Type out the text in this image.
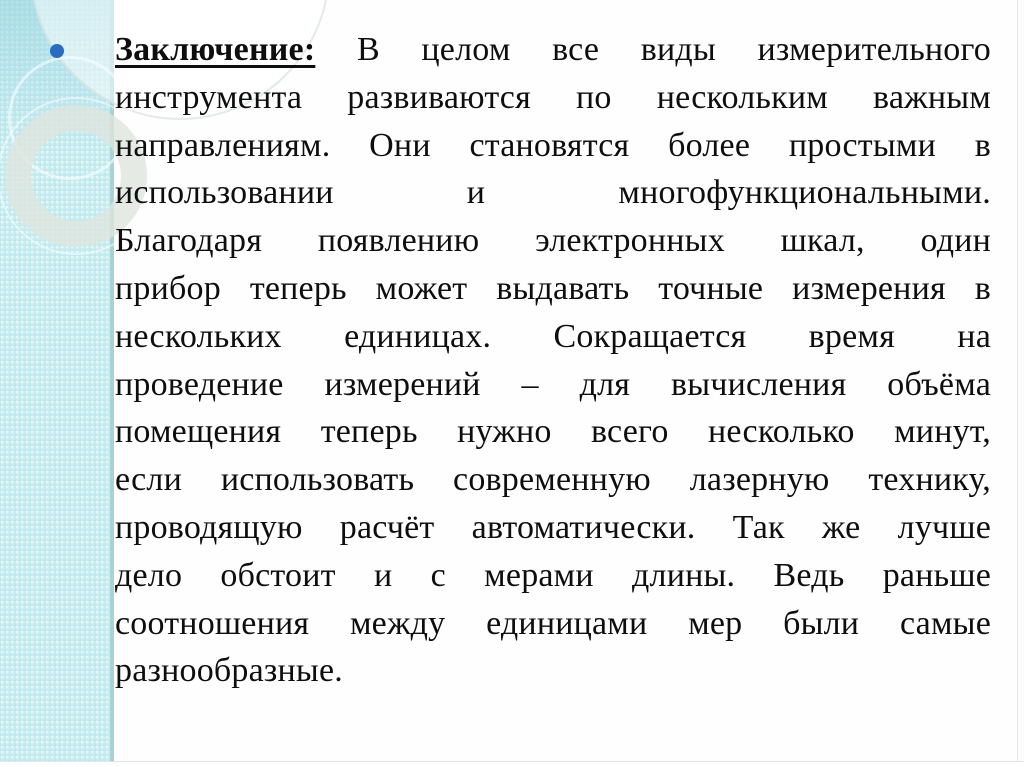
Заключение: В целом все виды измерительного
инструмента развиваются по нескольким важным
направлениям. Они становятся более простыми в
использовании и многофункциональными.
Благодаря появлению электронных шкал, один
прибор теперь может выдавать точные измерения в
нескольких единицах. Сокращается время на
проведение измерений – для вычисления объёма
помещения теперь нужно всего несколько минут,
если использовать современную лазерную технику,
проводящую расчёт автоматически. Так же лучше
дело обстоит и с мерами длины. Ведь раньше
соотношения между единицами мер были самые
разнообразные.
